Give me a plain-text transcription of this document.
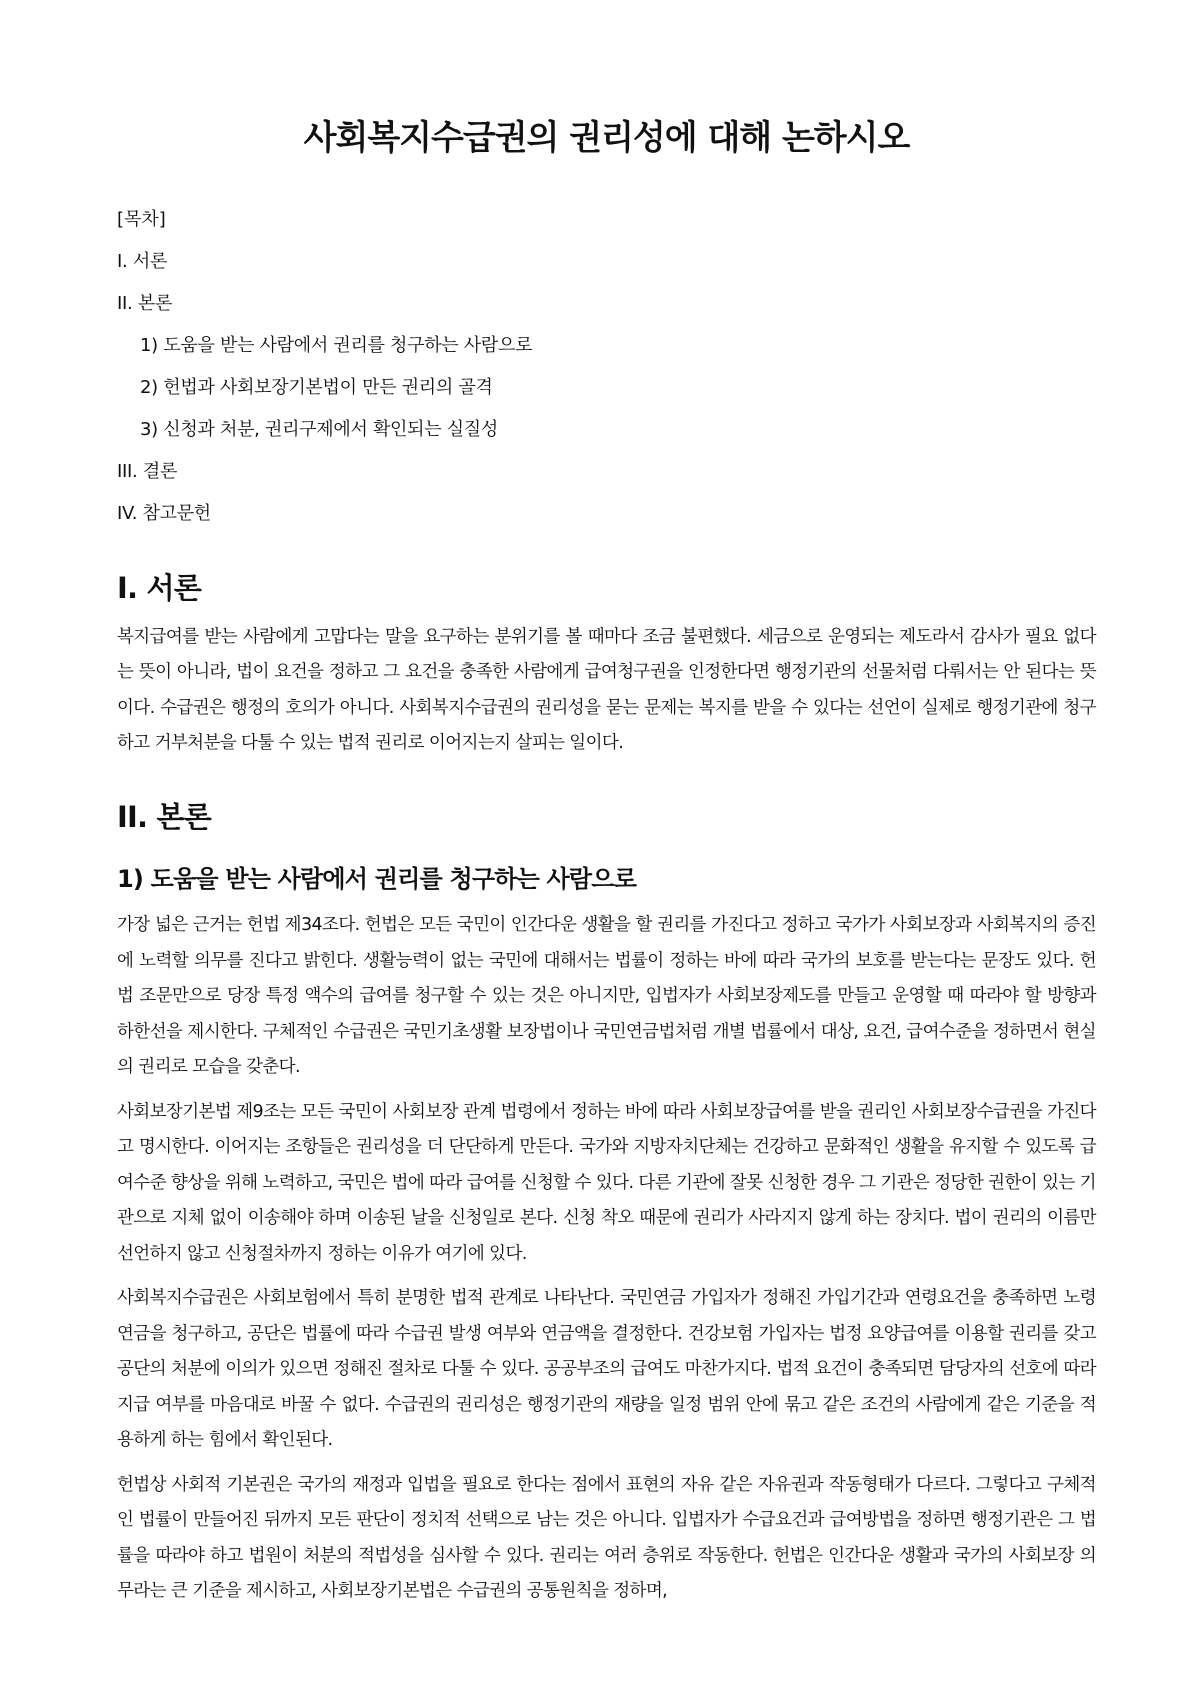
사회복지수급권의 권리성에 대해 논하시오
[목차]
I. 서론
II. 본론
1) 도움을 받는 사람에서 권리를 청구하는 사람으로
2) 헌법과 사회보장기본법이 만든 권리의 골격
3) 신청과 처분, 권리구제에서 확인되는 실질성
III. 결론
IV. 참고문헌
I. 서론

복지급여를 받는 사람에게 고맙다는 말을 요구하는 분위기를 볼 때마다 조금 불편했다. 세금으로 운영되는 제도라서 감사가 필요 없다는 뜻이 아니라, 법이 요건을 정하고 그 요건을 충족한 사람에게 급여청구권을 인정한다면 행정기관의 선물처럼 다뤄서는 안 된다는 뜻이다. 수급권은 행정의 호의가 아니다. 사회복지수급권의 권리성을 묻는 문제는 복지를 받을 수 있다는 선언이 실제로 행정기관에 청구하고 거부처분을 다툴 수 있는 법적 권리로 이어지는지 살피는 일이다.

II. 본론
1) 도움을 받는 사람에서 권리를 청구하는 사람으로

가장 넓은 근거는 헌법 제34조다. 헌법은 모든 국민이 인간다운 생활을 할 권리를 가진다고 정하고 국가가 사회보장과 사회복지의 증진에 노력할 의무를 진다고 밝힌다. 생활능력이 없는 국민에 대해서는 법률이 정하는 바에 따라 국가의 보호를 받는다는 문장도 있다. 헌법 조문만으로 당장 특정 액수의 급여를 청구할 수 있는 것은 아니지만, 입법자가 사회보장제도를 만들고 운영할 때 따라야 할 방향과 하한선을 제시한다. 구체적인 수급권은 국민기초생활 보장법이나 국민연금법처럼 개별 법률에서 대상, 요건, 급여수준을 정하면서 현실의 권리로 모습을 갖춘다.

사회보장기본법 제9조는 모든 국민이 사회보장 관계 법령에서 정하는 바에 따라 사회보장급여를 받을 권리인 사회보장수급권을 가진다고 명시한다. 이어지는 조항들은 권리성을 더 단단하게 만든다. 국가와 지방자치단체는 건강하고 문화적인 생활을 유지할 수 있도록 급여수준 향상을 위해 노력하고, 국민은 법에 따라 급여를 신청할 수 있다. 다른 기관에 잘못 신청한 경우 그 기관은 정당한 권한이 있는 기관으로 지체 없이 이송해야 하며 이송된 날을 신청일로 본다. 신청 착오 때문에 권리가 사라지지 않게 하는 장치다. 법이 권리의 이름만 선언하지 않고 신청절차까지 정하는 이유가 여기에 있다.

사회복지수급권은 사회보험에서 특히 분명한 법적 관계로 나타난다. 국민연금 가입자가 정해진 가입기간과 연령요건을 충족하면 노령연금을 청구하고, 공단은 법률에 따라 수급권 발생 여부와 연금액을 결정한다. 건강보험 가입자는 법정 요양급여를 이용할 권리를 갖고 공단의 처분에 이의가 있으면 정해진 절차로 다툴 수 있다. 공공부조의 급여도 마찬가지다. 법적 요건이 충족되면 담당자의 선호에 따라 지급 여부를 마음대로 바꿀 수 없다. 수급권의 권리성은 행정기관의 재량을 일정 범위 안에 묶고 같은 조건의 사람에게 같은 기준을 적용하게 하는 힘에서 확인된다.

헌법상 사회적 기본권은 국가의 재정과 입법을 필요로 한다는 점에서 표현의 자유 같은 자유권과 작동형태가 다르다. 그렇다고 구체적인 법률이 만들어진 뒤까지 모든 판단이 정치적 선택으로 남는 것은 아니다. 입법자가 수급요건과 급여방법을 정하면 행정기관은 그 법률을 따라야 하고 법원이 처분의 적법성을 심사할 수 있다. 권리는 여러 층위로 작동한다. 헌법은 인간다운 생활과 국가의 사회보장 의무라는 큰 기준을 제시하고, 사회보장기본법은 수급권의 공통원칙을 정하며,
